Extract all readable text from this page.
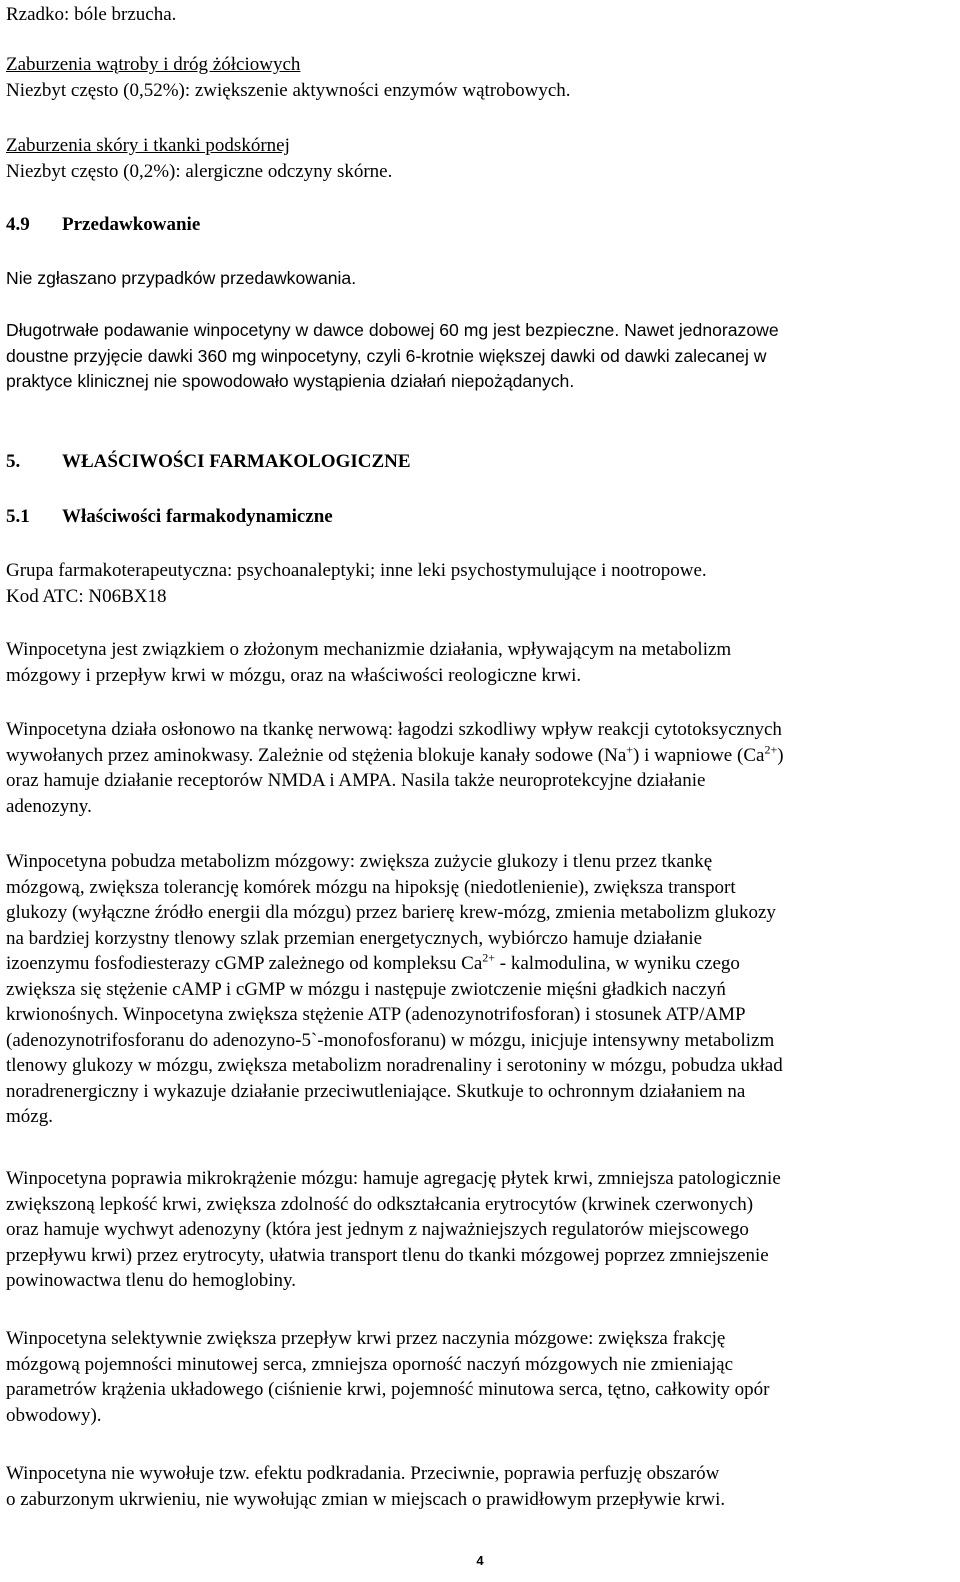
Rzadko: bóle brzucha.

Zaburzenia wątroby i dróg żółciowych

Niezbyt często (0,52%): zwiększenie aktywności enzymów wątrobowych.

Zaburzenia skóry i tkanki podskórnej

Niezbyt często (0,2%): alergiczne odczyny skórne.

4.9 Przedawkowanie

Nie zgłaszano przypadków przedawkowania.

Długotrwałe podawanie winpocetyny w dawce dobowej 60 mg jest bezpieczne. Nawet jednorazowe
doustne przyjęcie dawki 360 mg winpocetyny, czyli 6-krotnie większej dawki od dawki zalecanej w
praktyce klinicznej nie spowodowało wystąpienia działań niepożądanych.

5. WŁAŚCIWOŚCI FARMAKOLOGICZNE

5.1 Właściwości farmakodynamiczne

Grupa farmakoterapeutyczna: psychoanaleptyki; inne leki psychostymulujące i nootropowe.

Kod ATC: N06BX18

Winpocetyna jest związkiem o złożonym mechanizmie działania, wpływającym na metabolizm
mózgowy i przepływ krwi w mózgu, oraz na właściwości reologiczne krwi.
Winpocetyna działa osłonowo na tkankę nerwową: łagodzi szkodliwy wpływ reakcji cytotoksycznych
wywołanych przez aminokwasy. Zależnie od stężenia blokuje kanały sodowe (Na+) i wapniowe $(Ca^{2+})$
oraz hamuje działanie receptorów NMDA i AMPA. Nasila także neuroprotekcyjne działanie
adenozyny.
Winpocetyna pobudza metabolizm mózgowy: zwiększa zużycie glukozy i tlenu przez tkankę
mózgową, zwiększa tolerancję komórek mózgu na hipoksję (niedotlenienie), zwiększa transport
glukozy (wyłączne źródło energii dla mózgu) przez barierę krew-mózg, zmienia metabolizm glukozy
na bardziej korzystny tlenowy szlak przemian energetycznych, wybiórczo hamuje działanie
izoenzymu fosfodiesterazy cGMP zależnego od kompleksu $Ca^{2+}$ - kalmodulina, w wyniku czego
zwiększa się stężenie cAMP i cGMP w mózgu i następuje zwiotczenie mięśni gładkich naczyń
krwionośnych. Winpocetyna zwiększa stężenie ATP (adenozynotrifosforan) i stosunek ATP/AMP
(adenozynotrifosforanu do adenozyno-5`-monofosforanu) w mózgu, inicjuje intensywny metabolizm
tlenowy glukozy w mózgu, zwiększa metabolizm noradrenaliny i serotoniny w mózgu, pobudza układ
noradrenergiczny i wykazuje działanie przeciwutleniające. Skutkuje to ochronnym działaniem na
mózg.
Winpocetyna poprawia mikrokrążenie mózgu: hamuje agregację płytek krwi, zmniejsza patologicznie
zwiększoną lepkość krwi, zwiększa zdolność do odkształcania erytrocytów (krwinek czerwonych)
oraz hamuje wychwyt adenozyny (która jest jednym z najważniejszych regulatorów miejscowego
przepływu krwi) przez erytrocyty, ułatwia transport tlenu do tkanki mózgowej poprzez zmniejszenie
powinowactwa tlenu do hemoglobiny.
Winpocetyna selektywnie zwiększa przepływ krwi przez naczynia mózgowe: zwiększa frakcję
mózgową pojemności minutowej serca, zmniejsza oporność naczyń mózgowych nie zmieniając
parametrów krążenia układowego (ciśnienie krwi, pojemność minutowa serca, tętno, całkowity opór
obwodowy).
Winpocetyna nie wywołuje tzw. efektu podkradania. Przeciwnie, poprawia perfuzję obszarów
o zaburzonym ukrwieniu, nie wywołując zmian w miejscach o prawidłowym przepływie krwi.
4
